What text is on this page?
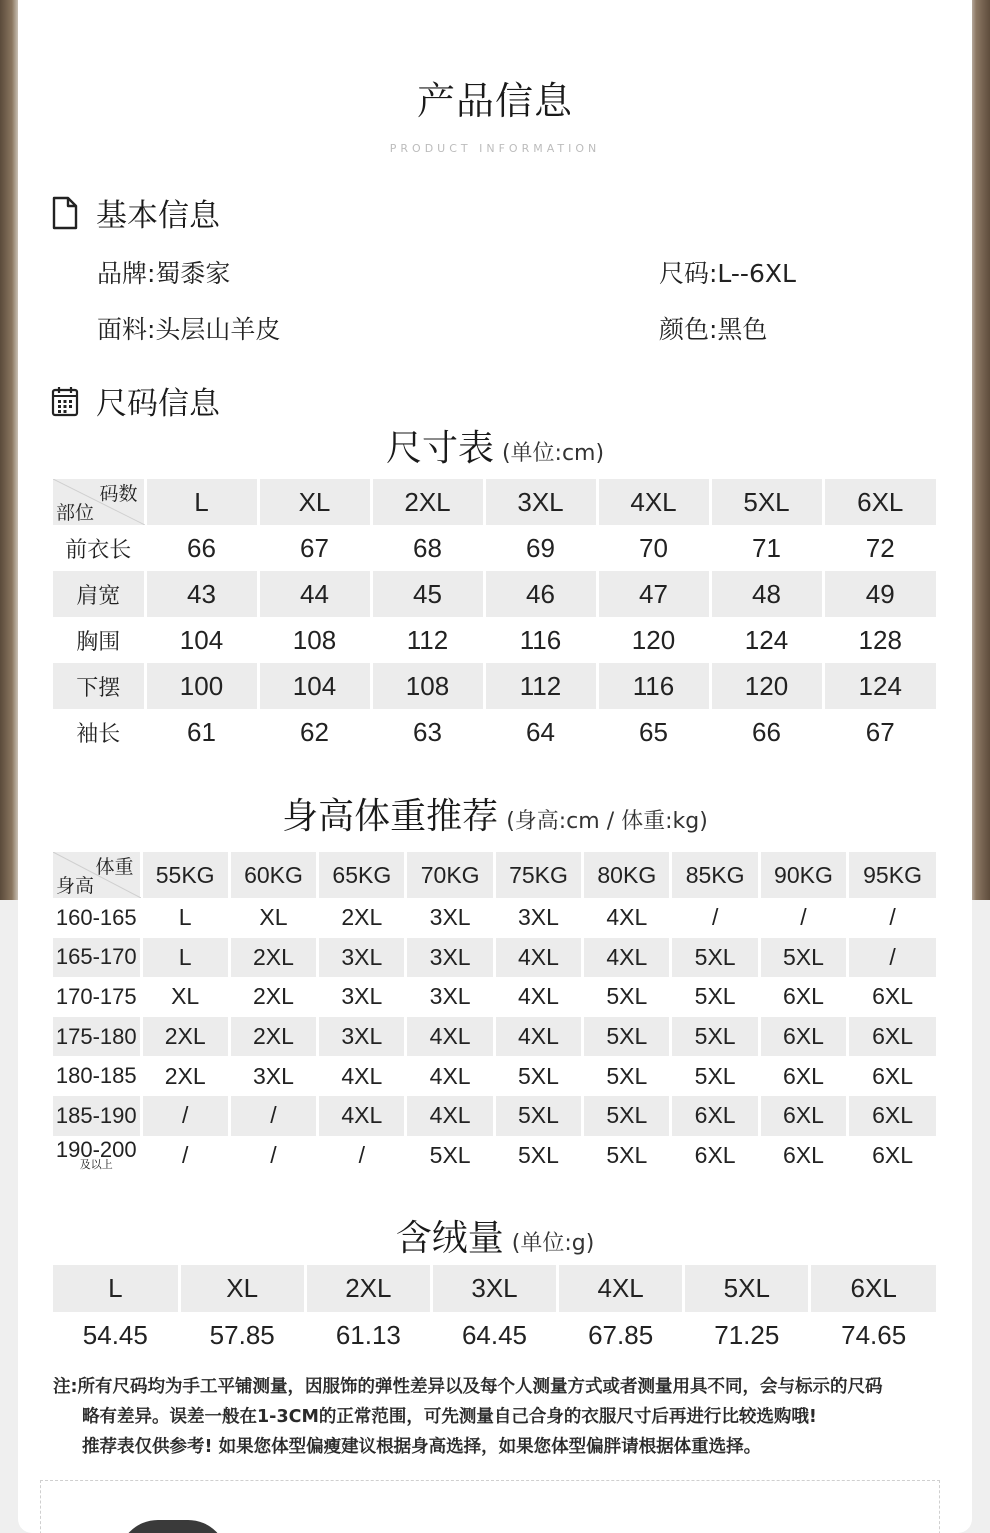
产品信息
PRODUCT INFORMATION
基本信息
品牌:蜀黍家	尺码:L--6XL
面料:头层山羊皮	颜色:黑色
尺码信息
尺寸表 (单位:cm)
码数
部位	L	XL	2XL	3XL	4XL	5XL	6XL
前衣长	66	67	68	69	70	71	72
肩宽	43	44	45	46	47	48	49
胸围	104	108	112	116	120	124	128
下摆	100	104	108	112	116	120	124
袖长	61	62	63	64	65	66	67
身高体重推荐 (身高:cm / 体重:kg)
体重
身高	55KG	60KG	65KG	70KG	75KG	80KG	85KG	90KG	95KG
160-165	L	XL	2XL	3XL	3XL	4XL	/	/	/
165-170	L	2XL	3XL	3XL	4XL	4XL	5XL	5XL	/
170-175	XL	2XL	3XL	3XL	4XL	5XL	5XL	6XL	6XL
175-180	2XL	2XL	3XL	4XL	4XL	5XL	5XL	6XL	6XL
180-185	2XL	3XL	4XL	4XL	5XL	5XL	5XL	6XL	6XL
185-190	/	/	4XL	4XL	5XL	5XL	6XL	6XL	6XL
190-200
及以上	/	/	/	5XL	5XL	5XL	6XL	6XL	6XL
含绒量 (单位:g)
L	XL	2XL	3XL	4XL	5XL	6XL
54.45	57.85	61.13	64.45	67.85	71.25	74.65

注:所有尺码均为手工平铺测量，因服饰的弹性差异以及每个人测量方式或者测量用具不同，会与标示的尺码

略有差异。误差一般在1-3CM的正常范围，可先测量自己合身的衣服尺寸后再进行比较选购哦!

推荐表仅供参考! 如果您体型偏瘦建议根据身高选择，如果您体型偏胖请根据体重选择。
